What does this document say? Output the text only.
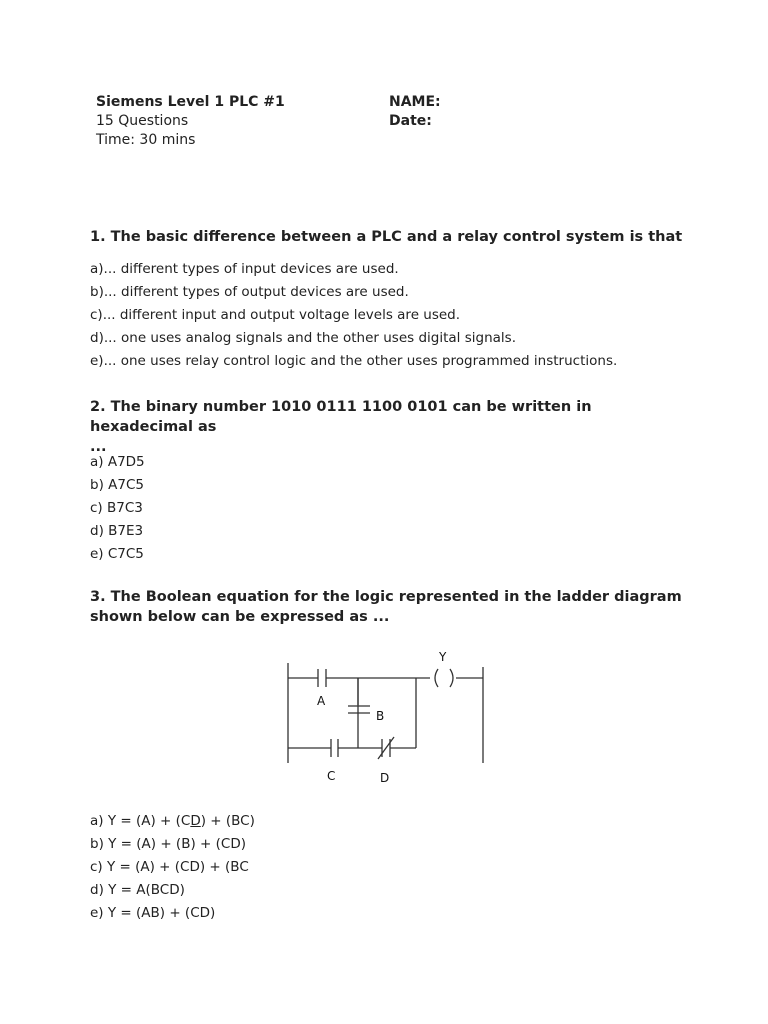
Siemens Level 1 PLC #1
15 Questions
Time: 30 mins
NAME:
Date:
1. The basic difference between a PLC and a relay control system is that
a)... different types of input devices are used.
b)... different types of output devices are used.
c)... different input and output voltage levels are used.
d)... one uses analog signals and the other uses digital signals.
e)... one uses relay control logic and the other uses programmed instructions.
2. The binary number 1010 0111 1100 0101 can be written in hexadecimal as
...
a) A7D5
b) A7C5
c) B7C3
d) B7E3
e) C7C5
3. The Boolean equation for the logic represented in the ladder diagram
shown below can be expressed as ...
Y
A
B
C	D
a) Y = (A) + (CD) + (BC)
b) Y = (A) + (B) + (CD)
c) Y = (A) + (CD) + (BC
d) Y = A(BCD)
e) Y = (AB) + (CD)
